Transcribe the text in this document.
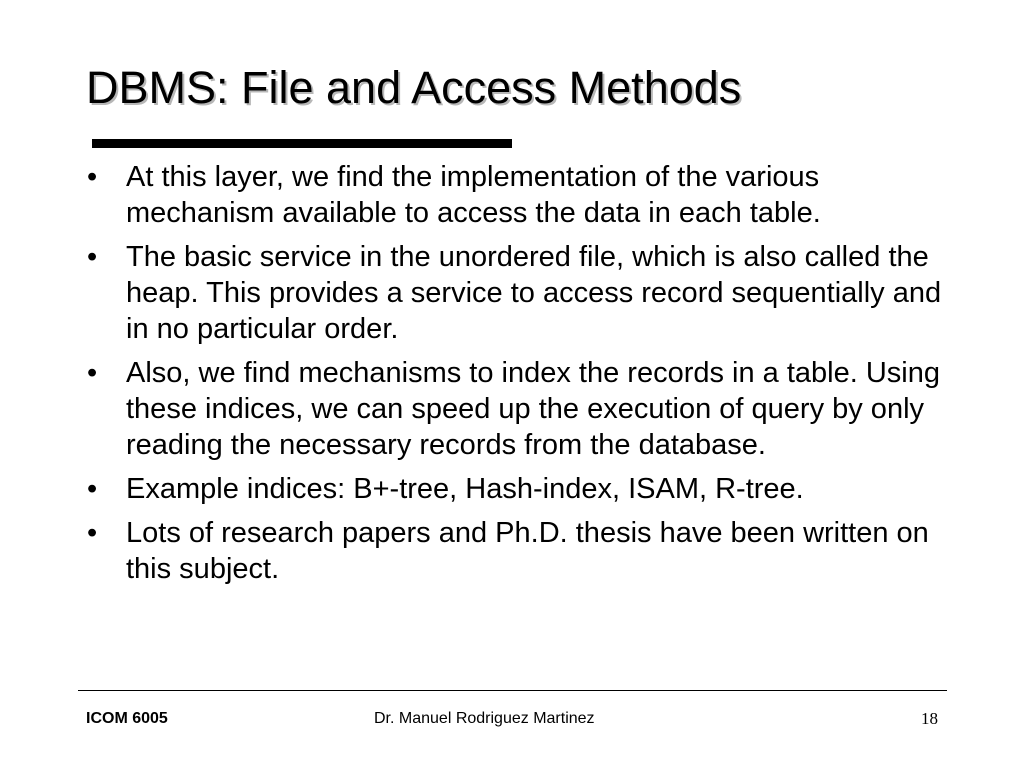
DBMS: File and Access Methods
• At this layer, we find the implementation of the various mechanism available to access the data in each table.
• The basic service in the unordered file, which is also called the heap. This provides a service to access record sequentially and in no particular order.
• Also, we find mechanisms to index the records in a table. Using these indices, we can speed up the execution of query by only reading the necessary records from the database.
• Example indices: B+-tree, Hash-index, ISAM, R-tree.
• Lots of research papers and Ph.D. thesis have been written on this subject.
ICOM 6005	Dr. Manuel Rodriguez Martinez	18
